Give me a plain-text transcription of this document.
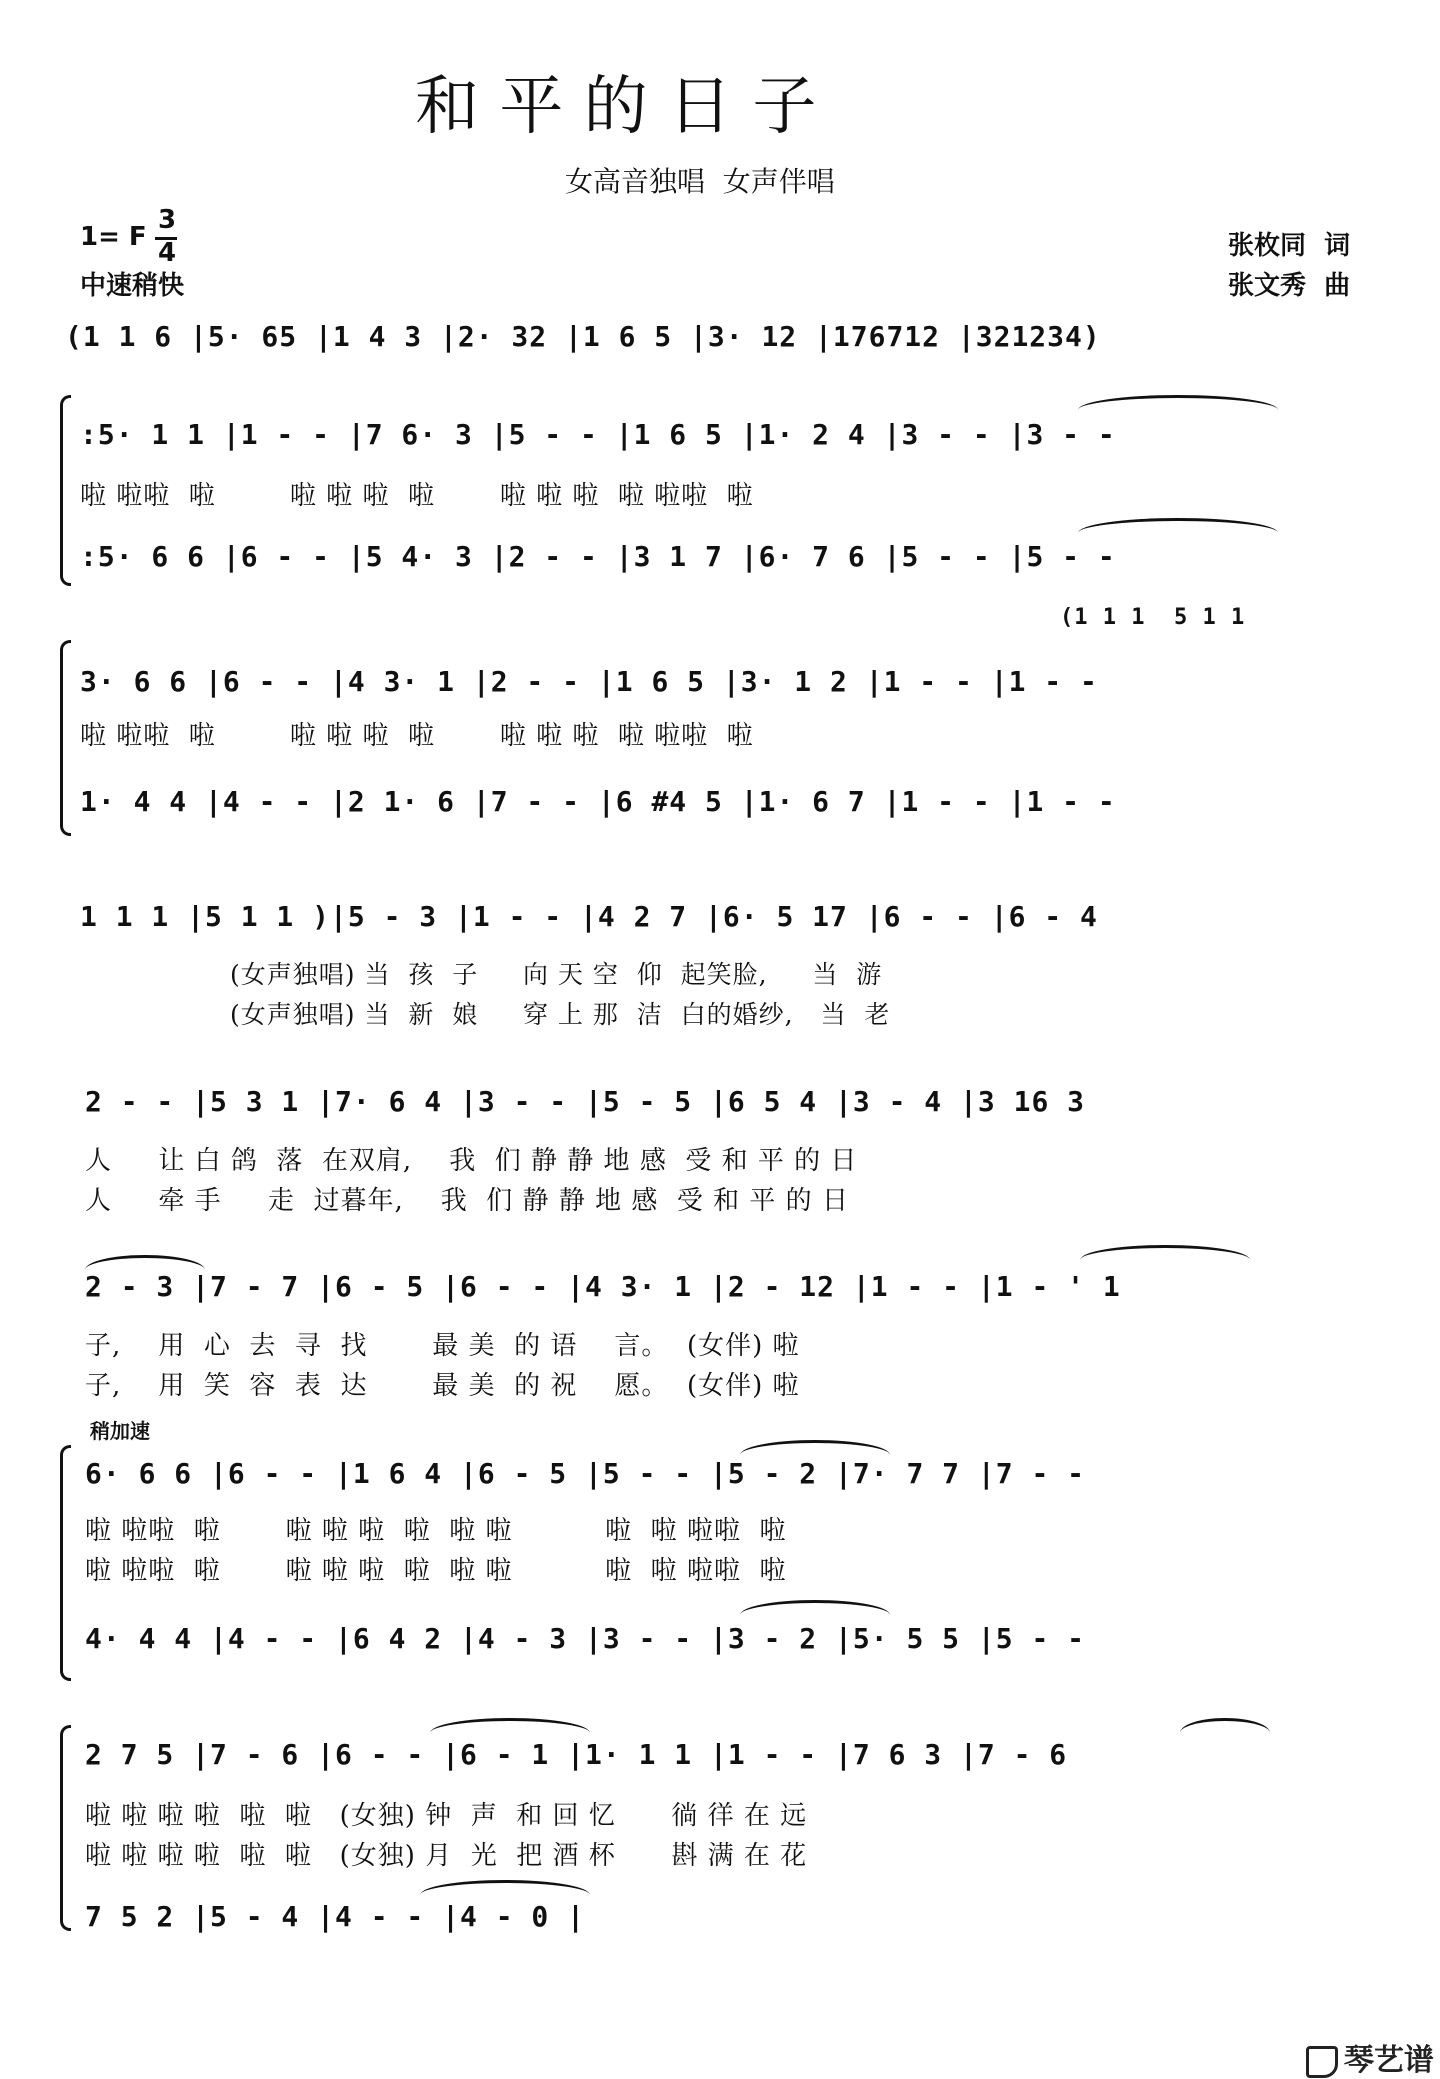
和 平 的 日 子
女高音独唱  女声伴唱
1= F
3
4
中速稍快
张枚同  词
张文秀  曲
(1 1 6 |5· 65 |1 4 3 |2· 32 |1 6 5 |3· 12 |176712 |321234)
:5· 1 1 |1 - - |7 6· 3 |5 - - |1 6 5 |1· 2 4 |3 - - |3 - -
啦 啦啦  啦        啦 啦 啦  啦       啦 啦 啦  啦 啦啦  啦
:5· 6 6 |6 - - |5 4· 3 |2 - - |3 1 7 |6· 7 6 |5 - - |5 - -
(1 1 1  5 1 1
3· 6 6 |6 - - |4 3· 1 |2 - - |1 6 5 |3· 1 2 |1 - - |1 - -
啦 啦啦  啦        啦 啦 啦  啦       啦 啦 啦  啦 啦啦  啦
1· 4 4 |4 - - |2 1· 6 |7 - - |6 #4 5 |1· 6 7 |1 - - |1 - -
1 1 1 |5 1 1 )|5 - 3 |1 - - |4 2 7 |6· 5 17 |6 - - |6 - 4
(女声独唱) 当  孩  子     向 天 空  仰  起笑脸,     当  游
(女声独唱) 当  新  娘     穿 上 那  洁  白的婚纱,   当  老
2 - - |5 3 1 |7· 6 4 |3 - - |5 - 5 |6 5 4 |3 - 4 |3 16 3
人     让 白 鸽  落  在双肩,    我  们 静 静 地 感  受 和 平 的 日
人     牵 手     走  过暮年,    我  们 静 静 地 感  受 和 平 的 日
2 - 3 |7 - 7 |6 - 5 |6 - - |4 3· 1 |2 - 12 |1 - - |1 - ' 1
子,    用  心  去  寻  找       最 美  的 语    言。  (女伴) 啦
子,    用  笑  容  表  达       最 美  的 祝    愿。  (女伴) 啦
稍加速
6· 6 6 |6 - - |1 6 4 |6 - 5 |5 - - |5 - 2 |7· 7 7 |7 - -
啦 啦啦  啦       啦 啦 啦  啦  啦 啦          啦  啦 啦啦  啦
啦 啦啦  啦       啦 啦 啦  啦  啦 啦          啦  啦 啦啦  啦
4· 4 4 |4 - - |6 4 2 |4 - 3 |3 - - |3 - 2 |5· 5 5 |5 - -
2 7 5 |7 - 6 |6 - - |6 - 1 |1· 1 1 |1 - - |7 6 3 |7 - 6
啦 啦 啦 啦  啦  啦   (女独) 钟  声  和 回 忆      徜 徉 在 远
啦 啦 啦 啦  啦  啦   (女独) 月  光  把 酒 杯      斟 满 在 花
7 5 2 |5 - 4 |4 - - |4 - 0 |

琴艺谱
